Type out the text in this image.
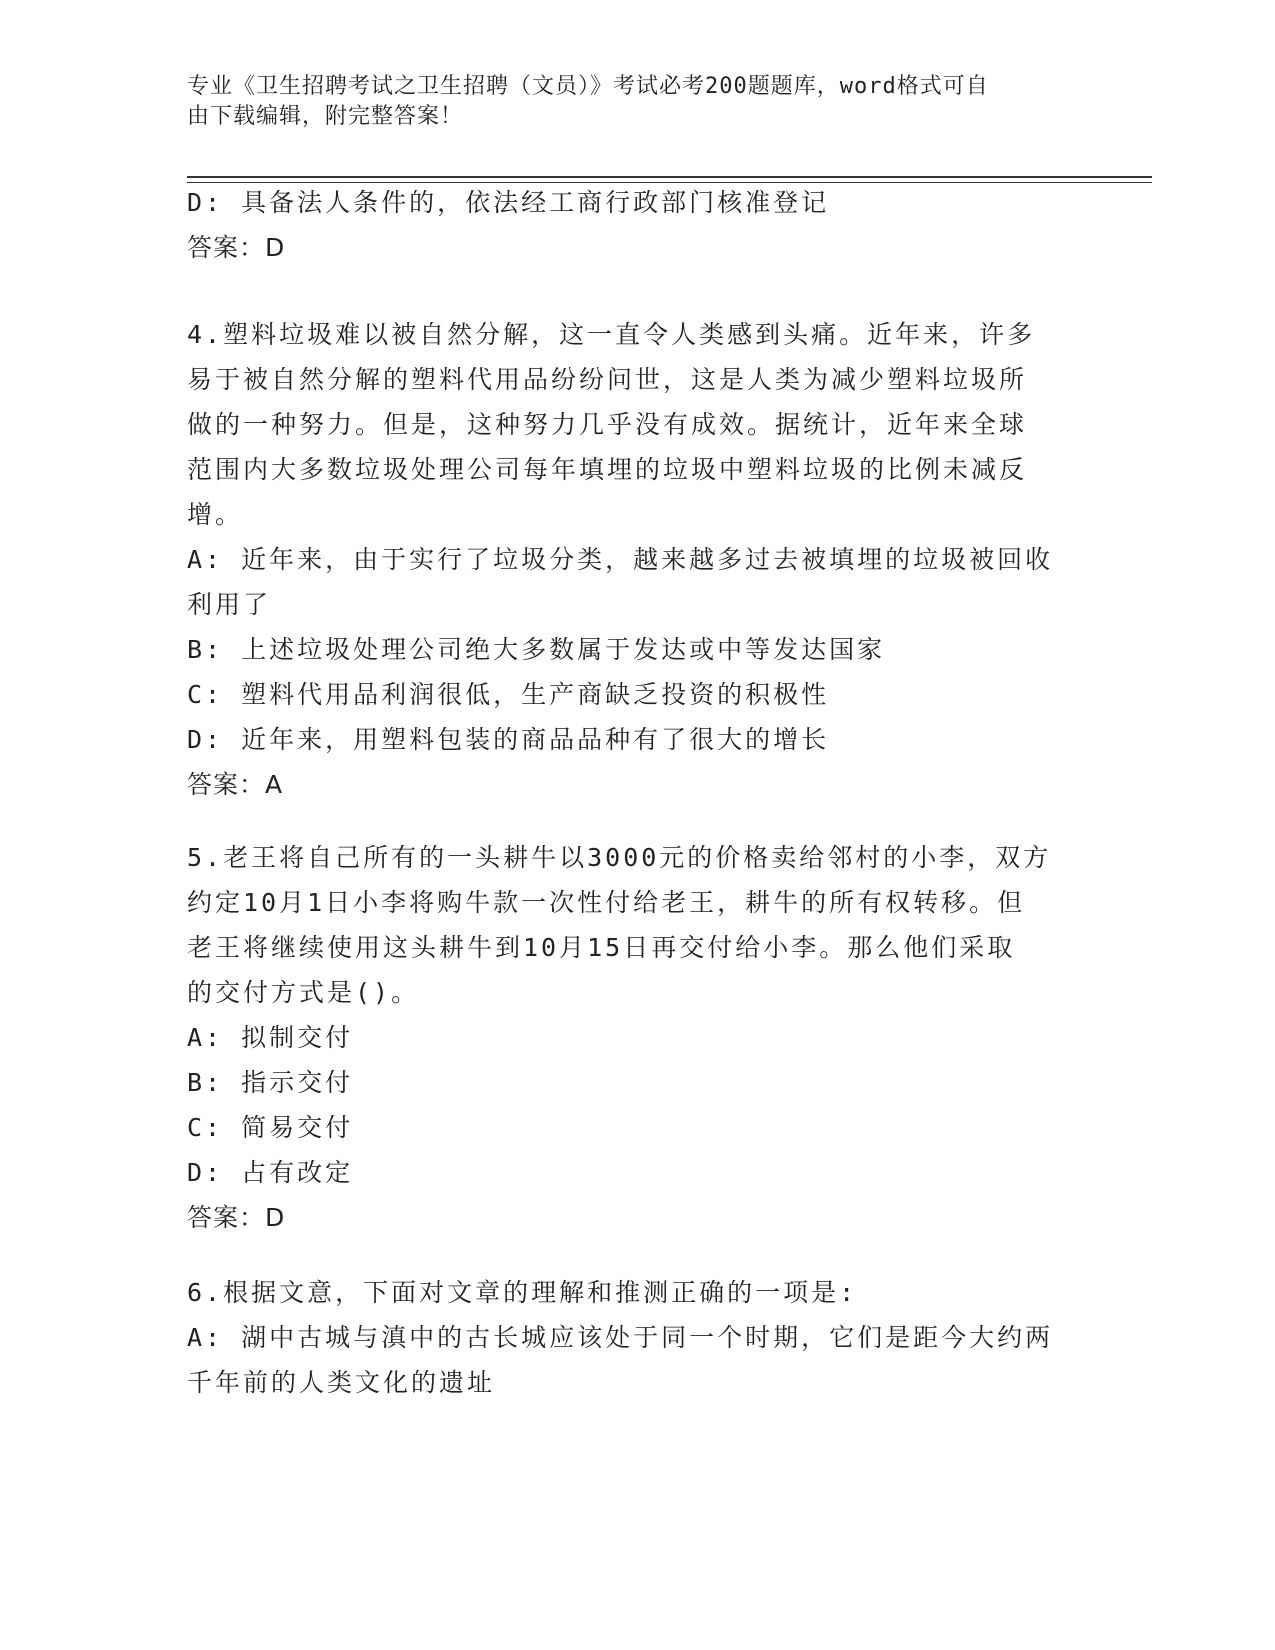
专业《卫生招聘考试之卫生招聘（文员）》考试必考200题题库，word格式可自
由下载编辑，附完整答案！
D: 具备法人条件的，依法经工商行政部门核准登记
答案：D
4.塑料垃圾难以被自然分解，这一直令人类感到头痛。近年来，许多
易于被自然分解的塑料代用品纷纷问世，这是人类为减少塑料垃圾所
做的一种努力。但是，这种努力几乎没有成效。据统计，近年来全球
范围内大多数垃圾处理公司每年填埋的垃圾中塑料垃圾的比例未减反
增。
A: 近年来，由于实行了垃圾分类，越来越多过去被填埋的垃圾被回收
利用了
B: 上述垃圾处理公司绝大多数属于发达或中等发达国家
C: 塑料代用品利润很低，生产商缺乏投资的积极性
D: 近年来，用塑料包装的商品品种有了很大的增长
答案：A
5.老王将自己所有的一头耕牛以3000元的价格卖给邻村的小李，双方
约定10月1日小李将购牛款一次性付给老王，耕牛的所有权转移。但
老王将继续使用这头耕牛到10月15日再交付给小李。那么他们采取
的交付方式是()。
A: 拟制交付
B: 指示交付
C: 简易交付
D: 占有改定
答案：D
6.根据文意，下面对文章的理解和推测正确的一项是:
A: 湖中古城与滇中的古长城应该处于同一个时期，它们是距今大约两
千年前的人类文化的遗址
